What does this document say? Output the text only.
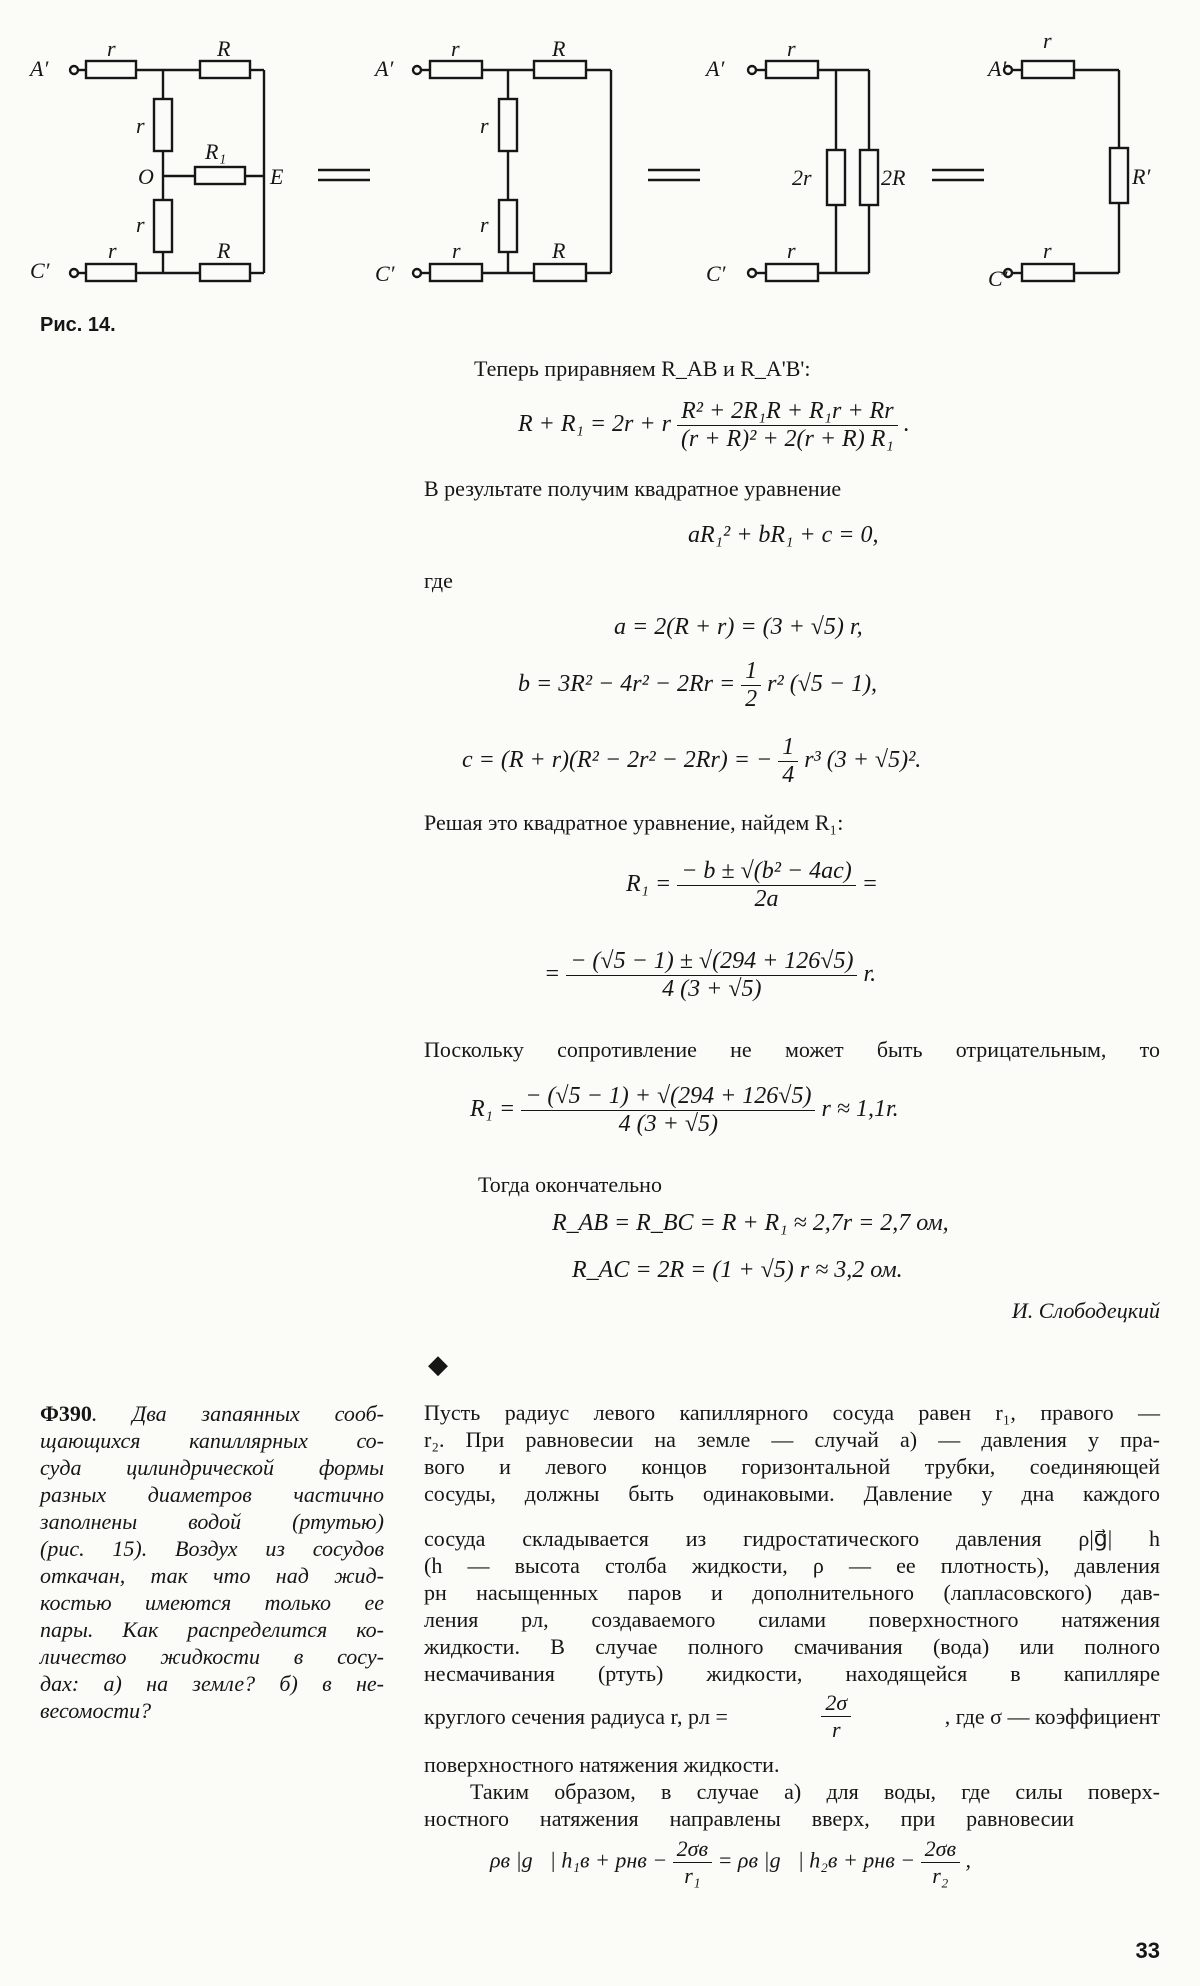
A′
r	R
r
O
R₁
E
r
C′
r	R
A′
r	R
r
r
C′
r	R
A′
r
2r	2R
C′
r
A′
r
R′
C′
r
Рис. 14.
Теперь приравняем R_AB и R_A'B':
R + R₁ = 2r + r $\frac{\text{R² + 2R₁R + R₁r + Rr}}{\text{(r + R)² + 2(r + R) R₁}}$ .
В результате получим квадратное уравнение
aR₁² + bR₁ + c = 0,
где
a = 2(R + r) = (3 + √5) r,
$b = 3R^2 - 4r^2 - 2Rr = \frac{1}{2} r^2$ (√5 − 1),
c = (R + r)(R² − 2r² − 2Rr) = − $\frac{1}{4} r^3$ (3 + √5)².
Решая это квадратное уравнение, найдем R₁:
$R_1 = \frac{\text{− b ± √(b² − 4ac)}}{2a}$ =
= $\frac{- (√5 - 1) \pm √(294 + 126√5)}{4 (3 + √5)} r$.
Поскольку сопротивление не может быть отрицательным, то
$R_1 = \frac{- (√5 - 1) + √(294 + 126√5)}{4 (3 + √5)}$ r ≈ 1,1r.
Тогда окончательно
R_AB = R_BC = R + R₁ ≈ 2,7r = 2,7 ом,
R_AC = 2R = (1 + √5) r ≈ 3,2 ом.
И. Слободецкий
◆
Ф390. Два запаянных сооб-
щающихся капиллярных со-
суда цилиндрической формы
разных диаметров частично
заполнены водой (ртутью)
(рис. 15). Воздух из сосудов
откачан, так что над жид-
костью имеются только ее
пары. Как распределится ко-
личество жидкости в сосу-
дах: а) на земле? б) в не-
весомости?
Пусть радиус левого капиллярного сосуда равен r₁, правого —
r₂. При равновесии на земле — случай а) — давления у пра-
вого и левого концов горизонтальной трубки, соединяющей
сосуды, должны быть одинаковыми. Давление у дна каждого
сосуда складывается из гидростатического давления ρ|g⃗| h
(h — высота столба жидкости, ρ — ее плотность), давления
pн насыщенных паров и дополнительного (лапласовского) дав-
ления pл, создаваемого силами поверхностного натяжения
жидкости. В случае полного смачивания (вода) или полного
несмачивания (ртуть) жидкости, находящейся в капилляре
круглого сечения радиуса r, pл =	$\frac{2\sigma}{r}$	, где σ — коэффициент
поверхностного натяжения жидкости.
Таким образом, в случае а) для воды, где силы поверх-
ностного натяжения направлены вверх, при равновесии
ρв |g⃗| h₁в + pнв − $\frac{2\sigma в}{\text{r₁}} = \rho в$ |g⃗| h₂в + pнв − $\frac{2\sigma в}{\text{r₂}}$ ,
33
